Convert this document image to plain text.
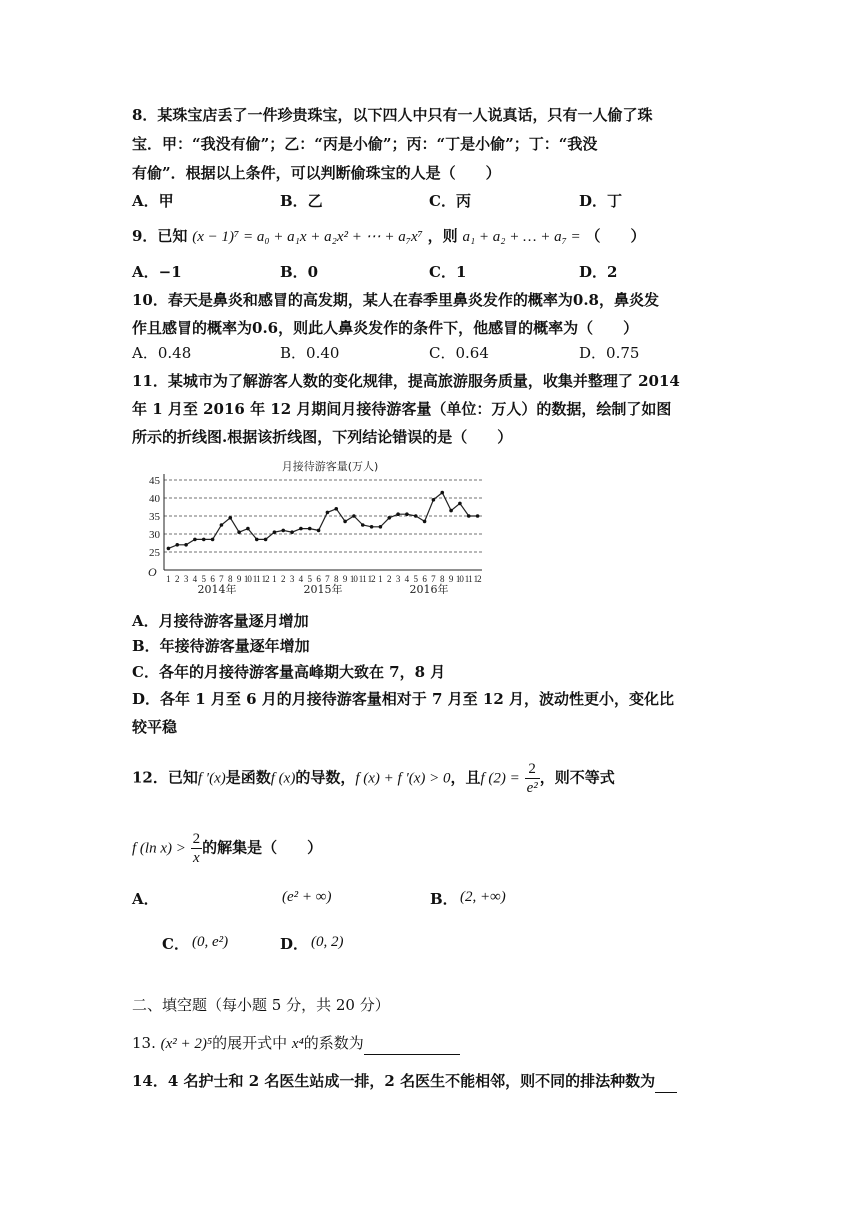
8．某珠宝店丢了一件珍贵珠宝，以下四人中只有一人说真话，只有一人偷了珠
宝．甲：“我没有偷”；乙：“丙是小偷”；丙：“丁是小偷”；丁：“我没
有偷”．根据以上条件，可以判断偷珠宝的人是（　　）
A．甲	B．乙	C．丙	D．丁
9．已知 (x − 1)⁷ = a₀ + a₁x + a₂x² + ⋯ + a₇x⁷ ，则 a₁ + a₂ + … + a₇ = （　　）
A．−1	B．0	C．1	D．2
10．春天是鼻炎和感冒的高发期，某人在春季里鼻炎发作的概率为0.8，鼻炎发
作且感冒的概率为0.6，则此人鼻炎发作的条件下，他感冒的概率为（　　）
A．0.48	B．0.40	C．0.64	D．0.75
11．某城市为了解游客人数的变化规律，提高旅游服务质量，收集并整理了 2014
年 1 月至 2016 年 12 月期间月接待游客量（单位：万人）的数据，绘制了如图
所示的折线图.根据该折线图，下列结论错误的是（　　）
月接待游客量(万人)
25
30
35
40
45
1 2 3 4 5 6 7 8 9 10 11 12 1 2 3 4 5 6 7 8 9 10 11 12 1 2 3 4 5 6 7 8 9 10 11 12
2014年	2015年	2016年
O
A．月接待游客量逐月增加
B．年接待游客量逐年增加
C．各年的月接待游客量高峰期大致在 7，8 月
D．各年 1 月至 6 月的月接待游客量相对于 7 月至 12 月，波动性更小，变化比
较平稳
12．已知f ′(x)是函数f (x)的导数，f (x) + f ′(x) > 0，且f $(2) = \frac{2}{\text{e²}}$ ，则不等式
f (ln $x) > \frac{2}{x}$ 的解集是（　　）
A．	(e² + ∞)	B． (2, +∞)
C． (0, e²)	D． (0, 2)
二、填空题（每小题 5 分，共 20 分）
13. (x² + 2)⁵的展开式中 x⁴的系数为
14．4 名护士和 2 名医生站成一排，2 名医生不能相邻，则不同的排法种数为
